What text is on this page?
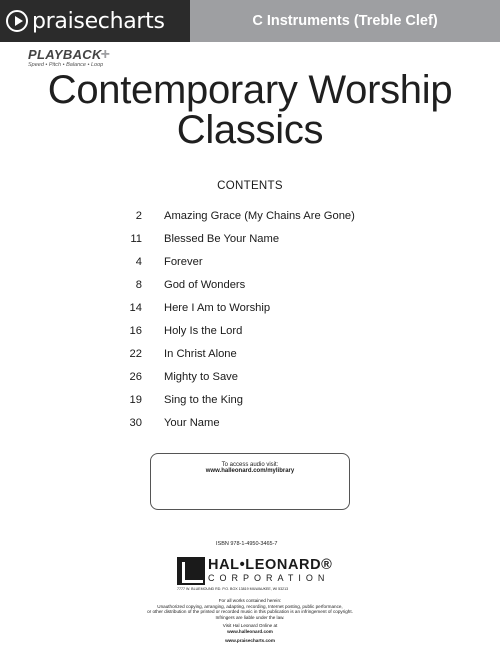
praisecharts	C Instruments (Treble Clef)
PLAYBACK+
Speed • Pitch • Balance • Loop
Contemporary Worship
Classics
CONTENTS
2 Amazing Grace (My Chains Are Gone)
11 Blessed Be Your Name
4 Forever
8 God of Wonders
14 Here I Am to Worship
16 Holy Is the Lord
22 In Christ Alone
26 Mighty to Save
19 Sing to the King
30 Your Name
To access audio visit:
www.halleonard.com/mylibrary
ISBN 978-1-4950-3465-7
HAL•LEONARD®
CORPORATION
7777 W. BLUEMOUND RD. P.O. BOX 13819 MILWAUKEE, WI 53213
For all works contained herein:
Unauthorized copying, arranging, adapting, recording, Internet posting, public performance,
or other distribution of the printed or recorded music in this publication is an infringement of copyright.
Infringers are liable under the law.
Visit Hal Leonard Online at
www.halleonard.com
www.praisecharts.com
